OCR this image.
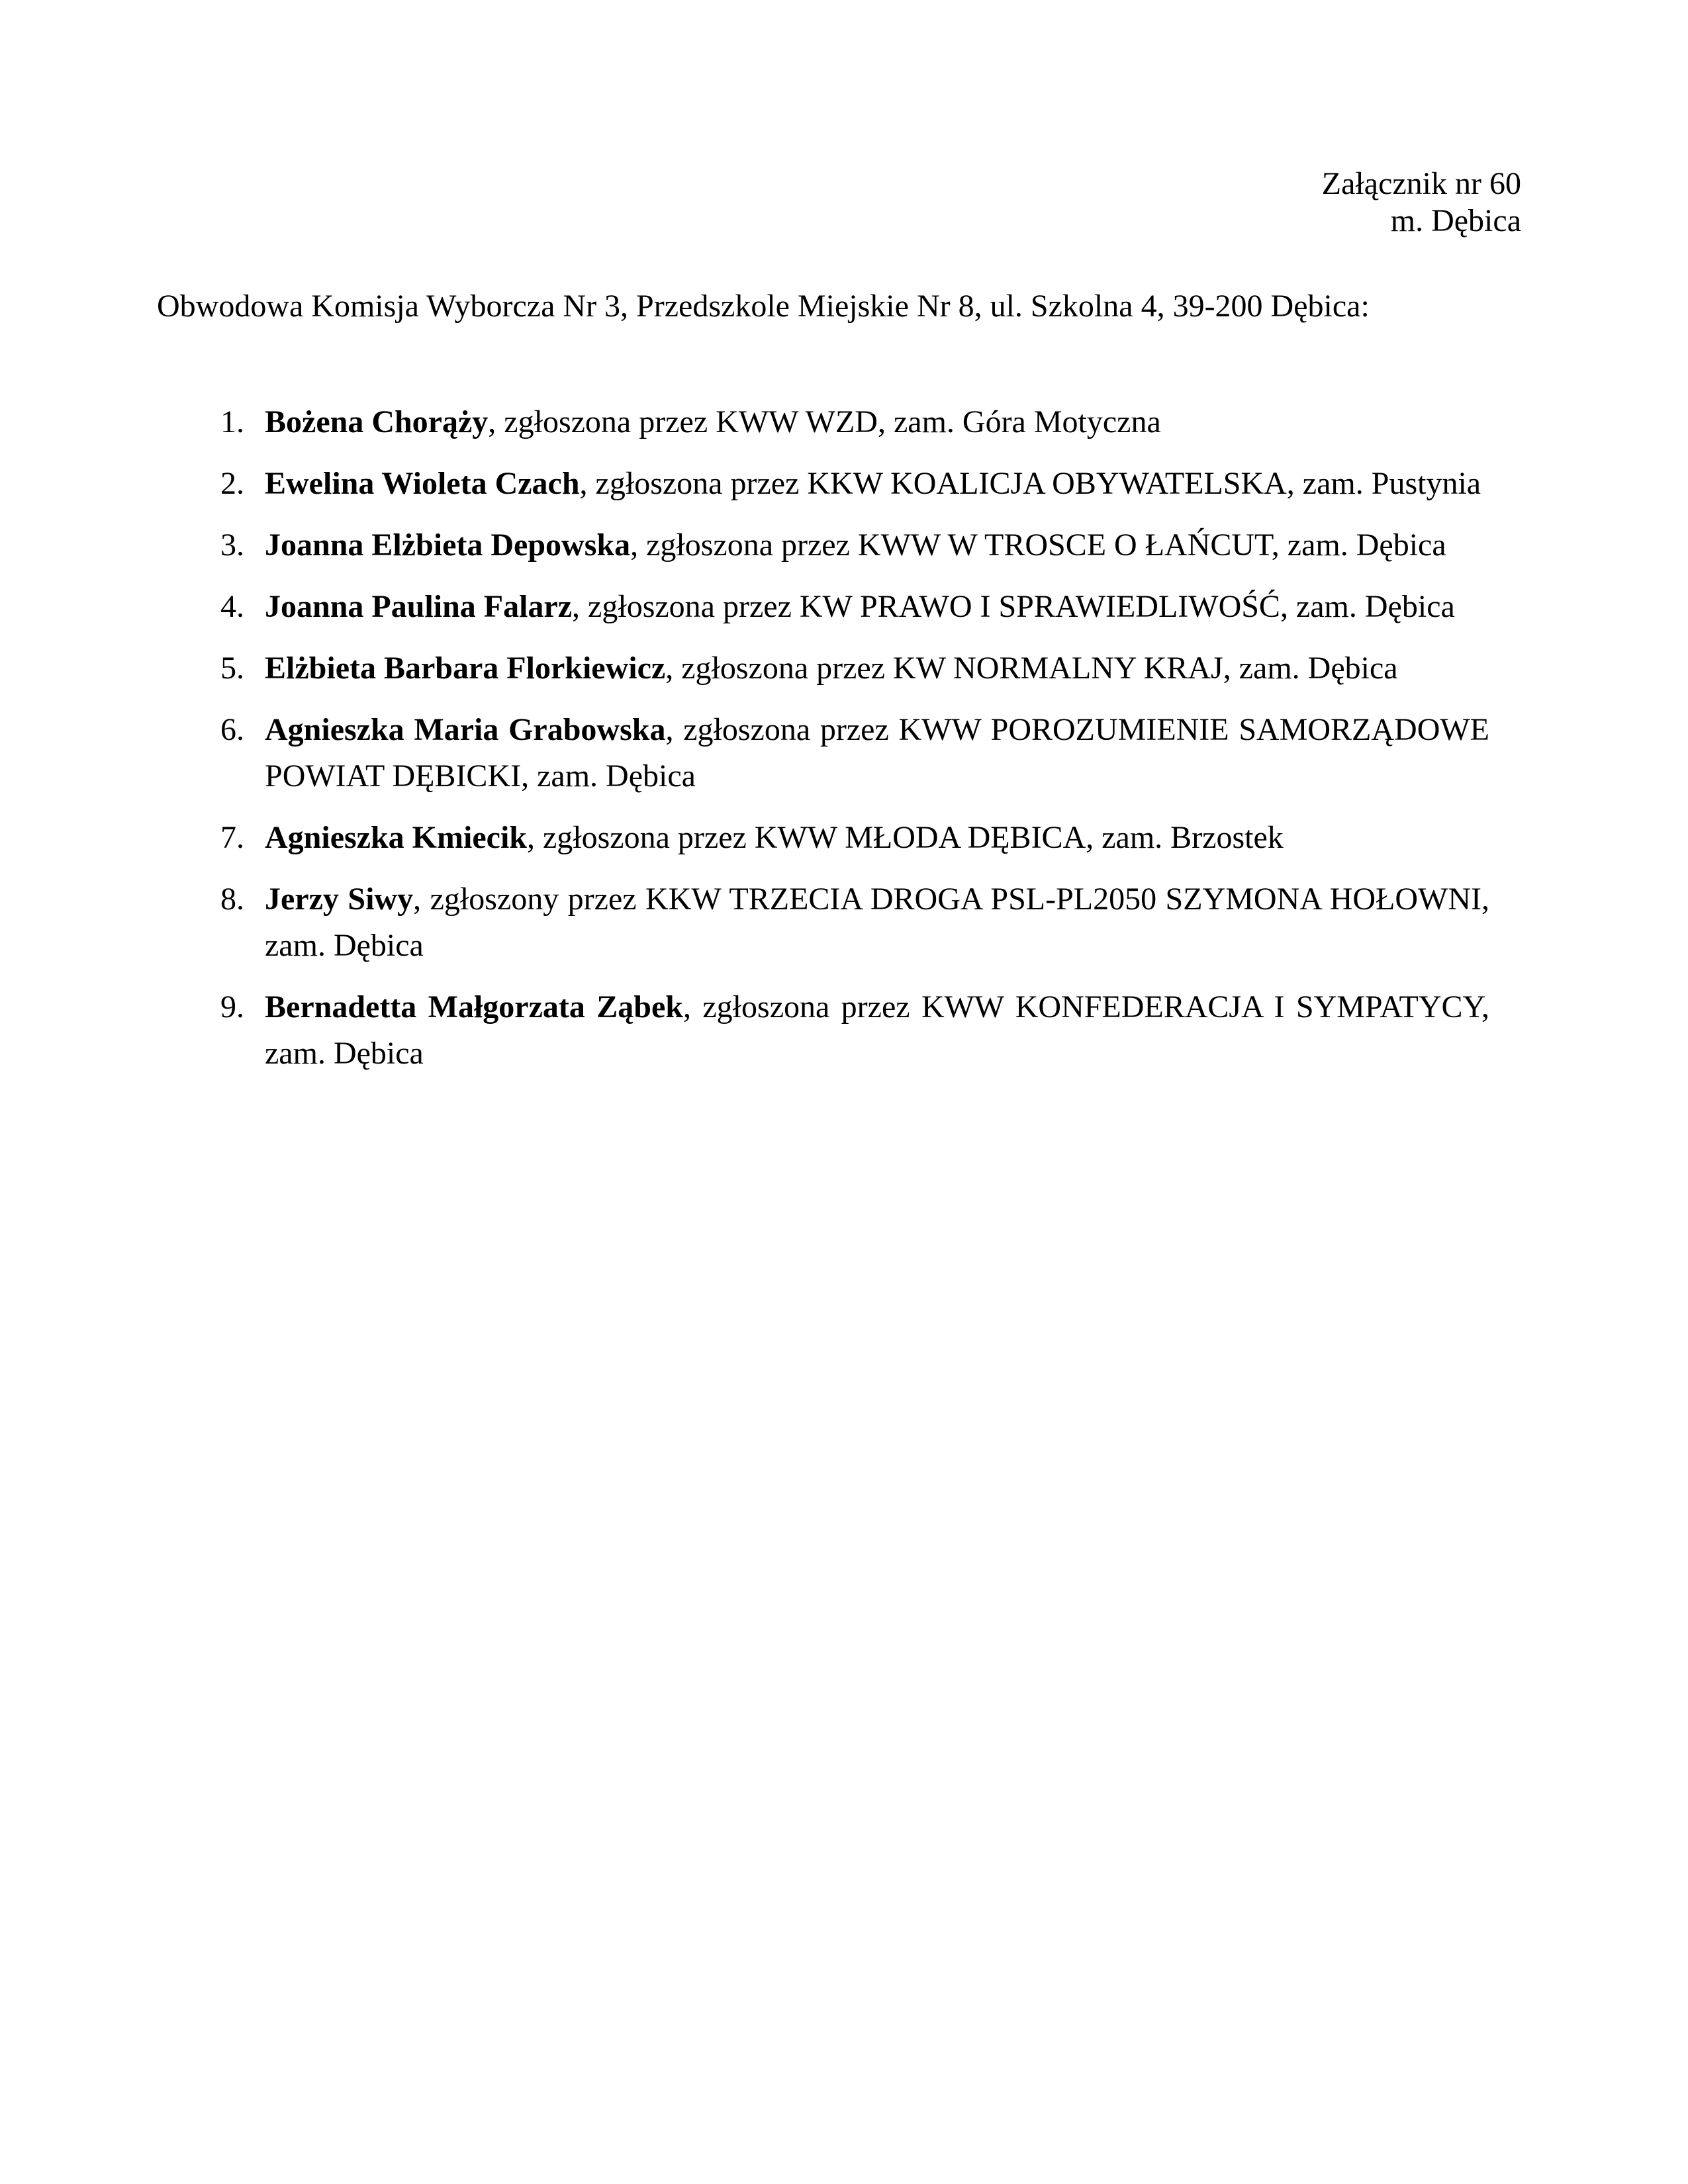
Załącznik nr 60
m. Dębica
Obwodowa Komisja Wyborcza Nr 3, Przedszkole Miejskie Nr 8, ul. Szkolna 4, 39-200 Dębica:
1. Bożena Chorąży, zgłoszona przez KWW WZD, zam. Góra Motyczna
2. Ewelina Wioleta Czach, zgłoszona przez KKW KOALICJA OBYWATELSKA, zam. Pustynia
3. Joanna Elżbieta Depowska, zgłoszona przez KWW W TROSCE O ŁAŃCUT, zam. Dębica
4. Joanna Paulina Falarz, zgłoszona przez KW PRAWO I SPRAWIEDLIWOŚĆ, zam. Dębica
5. Elżbieta Barbara Florkiewicz, zgłoszona przez KW NORMALNY KRAJ, zam. Dębica
6. Agnieszka Maria Grabowska, zgłoszona przez KWW POROZUMIENIE SAMORZĄDOWE
POWIAT DĘBICKI, zam. Dębica
7. Agnieszka Kmiecik, zgłoszona przez KWW MŁODA DĘBICA, zam. Brzostek
8. Jerzy Siwy, zgłoszony przez KKW TRZECIA DROGA PSL-PL2050 SZYMONA HOŁOWNI,
zam. Dębica
9. Bernadetta Małgorzata Ząbek, zgłoszona przez KWW KONFEDERACJA I SYMPATYCY,
zam. Dębica
